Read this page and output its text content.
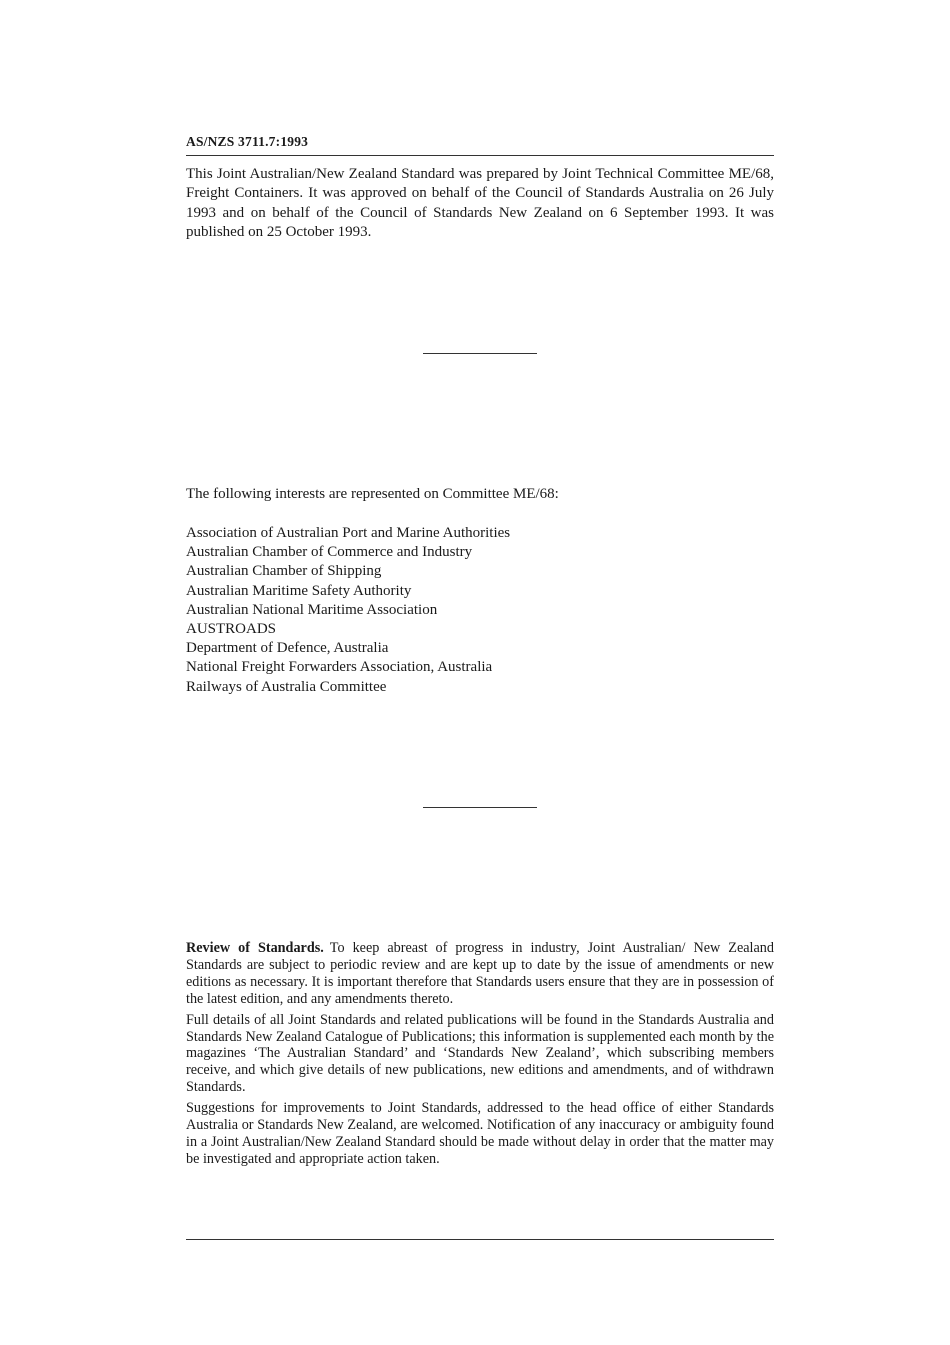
AS/NZS 3711.7:1993
This Joint Australian/New Zealand Standard was prepared by Joint Technical Committee ME/68, Freight Containers. It was approved on behalf of the Council of Standards Australia on 26 July 1993 and on behalf of the Council of Standards New Zealand on 6 September 1993. It was published on 25 October 1993.
The following interests are represented on Committee ME/68:
Association of Australian Port and Marine Authorities
Australian Chamber of Commerce and Industry
Australian Chamber of Shipping
Australian Maritime Safety Authority
Australian National Maritime Association
AUSTROADS
Department of Defence, Australia
National Freight Forwarders Association, Australia
Railways of Australia Committee

Review of Standards. To keep abreast of progress in industry, Joint Australian/ New Zealand Standards are subject to periodic review and are kept up to date by the issue of amendments or new editions as necessary. It is important therefore that Standards users ensure that they are in possession of the latest edition, and any amendments thereto.

Full details of all Joint Standards and related publications will be found in the Standards Australia and Standards New Zealand Catalogue of Publications; this information is supplemented each month by the magazines ‘The Australian Standard’ and ‘Standards New Zealand’, which subscribing members receive, and which give details of new publications, new editions and amendments, and of withdrawn Standards.

Suggestions for improvements to Joint Standards, addressed to the head office of either Standards Australia or Standards New Zealand, are welcomed. Notification of any inaccuracy or ambiguity found in a Joint Australian/New Zealand Standard should be made without delay in order that the matter may be investigated and appropriate action taken.
